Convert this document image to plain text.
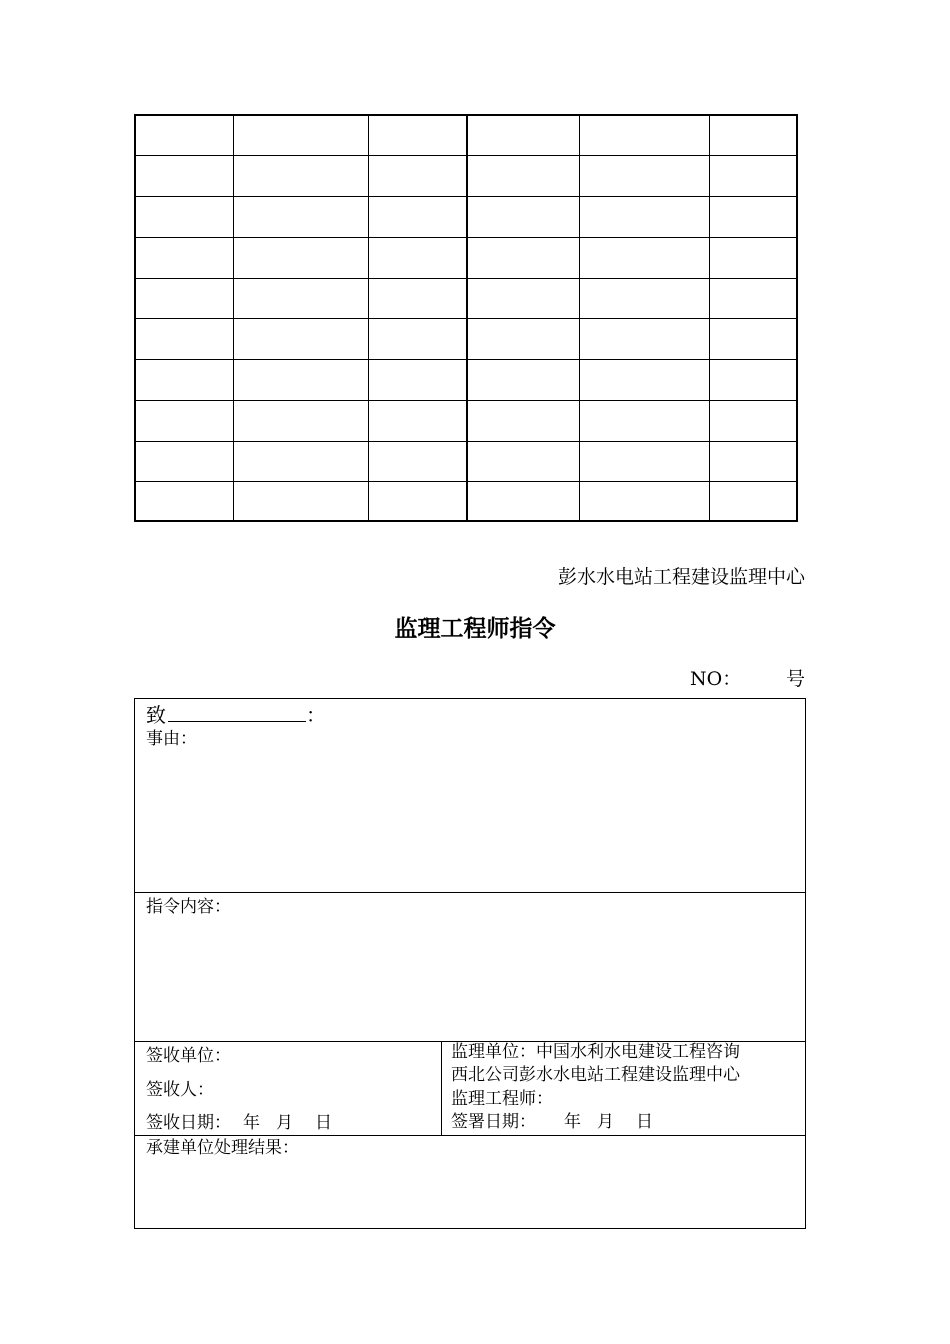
彭水水电站工程建设监理中心
监理工程师指令
NO： 号
致	：
事由：
指令内容：
签收单位：
签收人：
签收日期： 年 月 日
监理单位：中国水利水电建设工程咨询
西北公司彭水水电站工程建设监理中心
监理工程师：
签署日期： 年 月 日
承建单位处理结果：
